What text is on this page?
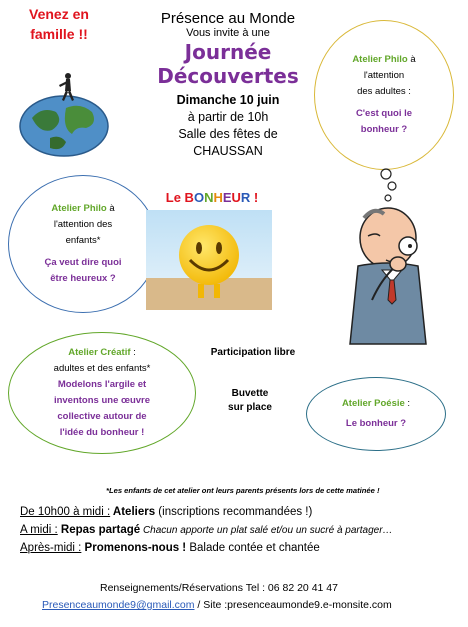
Venez en
famille !!
Présence au Monde
Vous invite à une
Journée
Découvertes
Dimanche 10 juin
à partir de 10h
Salle des fêtes de
CHAUSSAN

Atelier Philo à

l'attention

des adultes :

C'est quoi le

bonheur ?

Atelier Philo à

l'attention des

enfants*

Ça veut dire quoi

être heureux ?

Le BONHEUR !

Atelier Créatif :

adultes et des enfants*

Modelons l'argile et

inventons une œuvre

collective autour de

l'idée du bonheur !

Participation libre
Buvette
sur place	Atelier Poésie :

Le bonheur ?

*Les enfants de cet atelier ont leurs parents présents lors de cette matinée !
De 10h00 à midi : Ateliers (inscriptions recommandées !)
A midi : Repas partagé Chacun apporte un plat salé et/ou un sucré à partager…
Après-midi : Promenons-nous ! Balade contée et chantée
Renseignements/Réservations Tel : 06 82 20 41 47
Presenceaumonde9@gmail.com / Site :presenceaumonde9.e-monsite.com
